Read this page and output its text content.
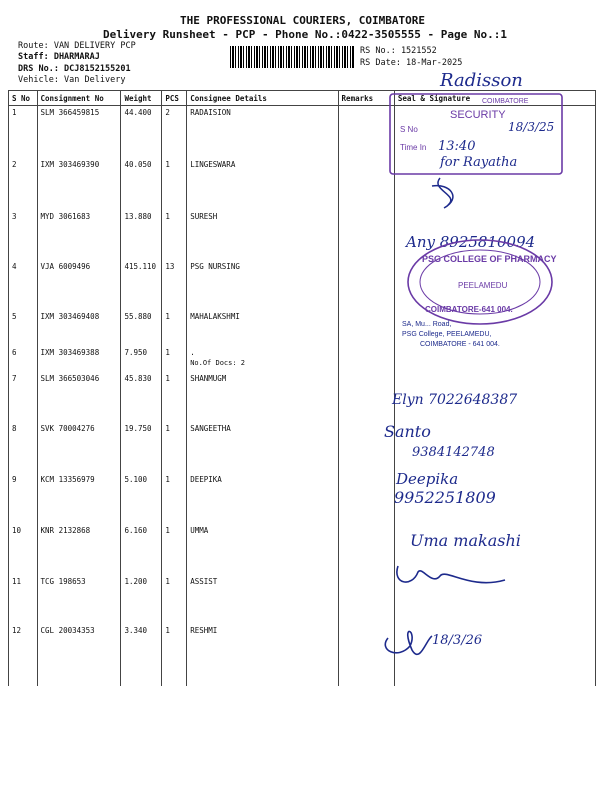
THE PROFESSIONAL COURIERS, COIMBATORE
Delivery Runsheet - PCP - Phone No.:0422-3505555 - Page No.:1
Route: VAN DELIVERY PCP
Staff: DHARMARAJ
DRS No.: DCJ8152155201
Vehicle: Van Delivery
RS No.: 1521552
RS Date: 18-Mar-2025
S No	Consignment No	Weight	PCS	Consignee Details	Remarks	Seal & Signature
1	SLM 366459815	44.400	2	RADAISION		
2	IXM 303469390	40.050	1	LINGESWARA		
3	MYD 3061683	13.880	1	SURESH		
4	VJA 6009496	415.110	13	PSG NURSING		
5	IXM 303469408	55.880	1	MAHALAKSHMI		
6	IXM 303469388	7.950	1	.
No.Of Docs: 2		

7	SLM 366503046	45.830	1	SHANMUGM		
8	SVK 70004276	19.750	1	SANGEETHA		
9	KCM 13356979	5.100	1	DEEPIKA		
10	KNR 2132868	6.160	1	UMMA		
11	TCG 198653	1.200	1	ASSIST		
12	CGL 20034353	3.340	1	RESHMI		
Radisson
COIMBATORE
SECURITY
S No
Time In 13:40
18/3/25
for Rayatha
Any 8925810094
PSG COLLEGE OF PHARMACY
PEELAMEDU
COIMBATORE-641 004.
SA, Mu... Road,
PSG College, PEELAMEDU,
COIMBATORE - 641 004.
Elyn 7022648387
Santo
9384142748
Deepika
9952251809
Uma makashi
18/3/26
